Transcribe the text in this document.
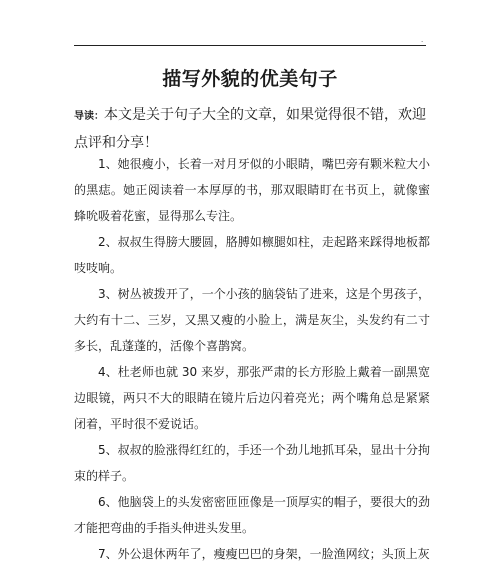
.
描写外貌的优美句子
导读：本文是关于句子大全的文章，如果觉得很不错，欢迎点评和分享！

1、她很瘦小，长着一对月牙似的小眼睛，嘴巴旁有颗米粒大小的黑痣。她正阅读着一本厚厚的书，那双眼睛盯在书页上，就像蜜蜂吮吸着花蜜，显得那么专注。

2、叔叔生得膀大腰圆，胳膊如檩腿如柱，走起路来踩得地板都吱吱响。

3、树丛被拨开了，一个小孩的脑袋钻了进来，这是个男孩子，大约有十二、三岁，又黑又瘦的小脸上，满是灰尘，头发约有二寸多长，乱蓬蓬的，活像个喜鹊窝。

4、杜老师也就 30 来岁，那张严肃的长方形脸上戴着一副黑宽边眼镜，两只不大的眼睛在镜片后边闪着亮光；两个嘴角总是紧紧闭着，平时很不爱说话。

5、叔叔的脸涨得红红的，手还一个劲儿地抓耳朵，显出十分拘束的样子。

6、他脑袋上的头发密密匝匝像是一顶厚实的帽子，要很大的劲才能把弯曲的手指头伸进头发里。

7、外公退休两年了，瘦瘦巴巴的身架，一脸渔网纹；头顶上灰
